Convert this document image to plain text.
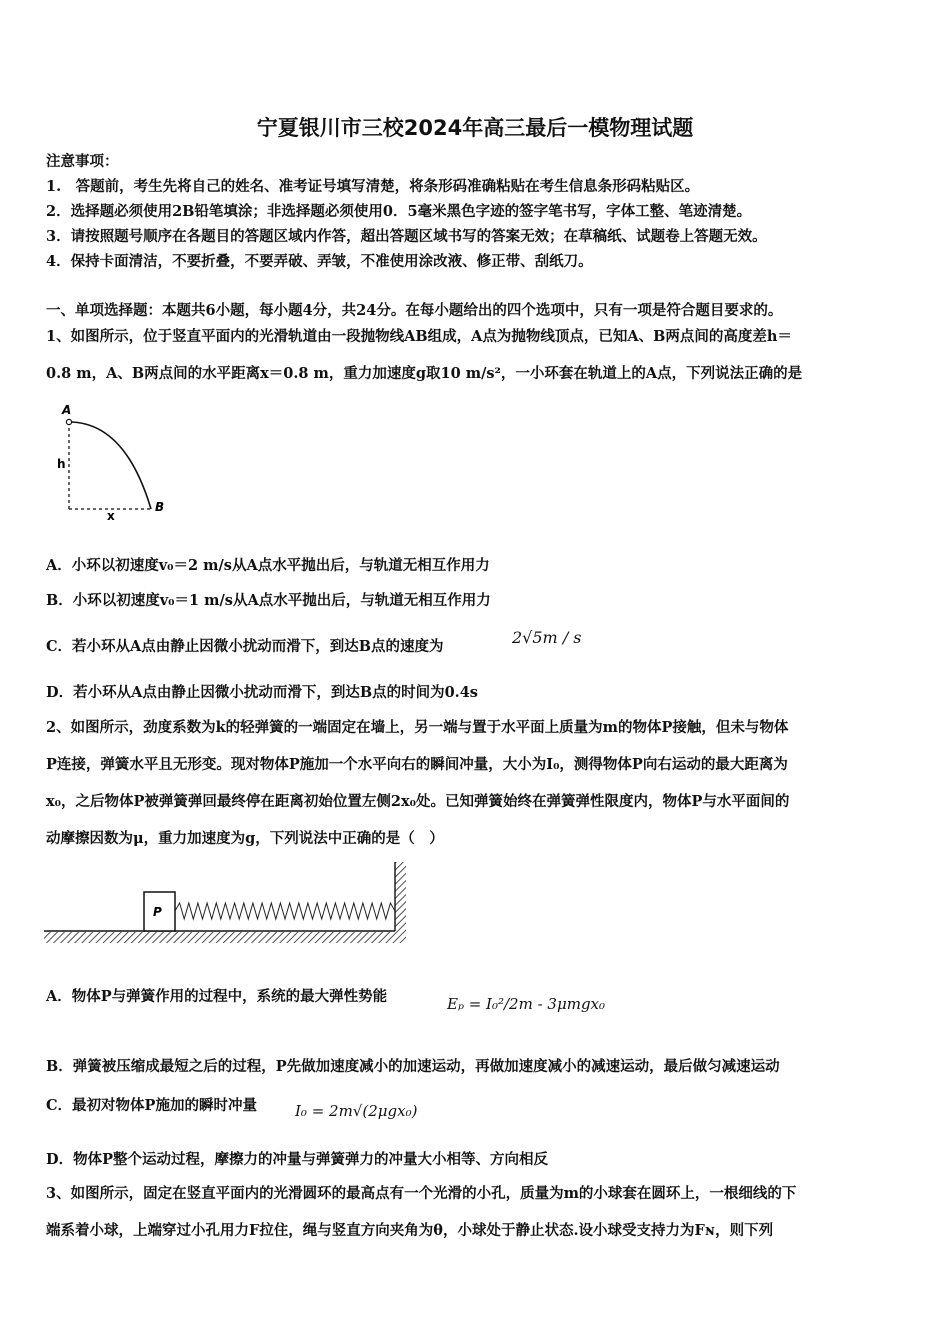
宁夏银川市三校2024年高三最后一模物理试题
注意事项：
1.　答题前，考生先将自己的姓名、准考证号填写清楚，将条形码准确粘贴在考生信息条形码粘贴区。
2．选择题必须使用2B铅笔填涂；非选择题必须使用0．5毫米黑色字迹的签字笔书写，字体工整、笔迹清楚。
3．请按照题号顺序在各题目的答题区域内作答，超出答题区域书写的答案无效；在草稿纸、试题卷上答题无效。
4．保持卡面清洁，不要折叠，不要弄破、弄皱，不准使用涂改液、修正带、刮纸刀。
一、单项选择题：本题共6小题，每小题4分，共24分。在每小题给出的四个选项中，只有一项是符合题目要求的。
1、如图所示，位于竖直平面内的光滑轨道由一段抛物线AB组成，A点为抛物线顶点，已知A、B两点间的高度差h＝
0.8 m，A、B两点间的水平距离x＝0.8 m，重力加速度g取10 m/s²，一小环套在轨道上的A点，下列说法正确的是
A
B
h
x
A．小环以初速度v₀＝2 m/s从A点水平抛出后，与轨道无相互作用力
B．小环以初速度v₀＝1 m/s从A点水平抛出后，与轨道无相互作用力
C．若小环从A点由静止因微小扰动而滑下，到达B点的速度为	2√5m / s
D．若小环从A点由静止因微小扰动而滑下，到达B点的时间为0.4s
2、如图所示，劲度系数为k的轻弹簧的一端固定在墙上，另一端与置于水平面上质量为m的物体P接触，但未与物体
P连接，弹簧水平且无形变。现对物体P施加一个水平向右的瞬间冲量，大小为I₀，测得物体P向右运动的最大距离为
x₀，之后物体P被弹簧弹回最终停在距离初始位置左侧2x₀处。已知弹簧始终在弹簧弹性限度内，物体P与水平面间的
动摩擦因数为μ，重力加速度为g，下列说法中正确的是（　）
P
A．物体P与弹簧作用的过程中，系统的最大弹性势能	Eₚ = I₀²/2m - 3μmgx₀
B．弹簧被压缩成最短之后的过程，P先做加速度减小的加速运动，再做加速度减小的减速运动，最后做匀减速运动
C．最初对物体P施加的瞬时冲量	I₀ = 2m√(2μgx₀)
D．物体P整个运动过程，摩擦力的冲量与弹簧弹力的冲量大小相等、方向相反
3、如图所示，固定在竖直平面内的光滑圆环的最高点有一个光滑的小孔，质量为m的小球套在圆环上，一根细线的下
端系着小球，上端穿过小孔用力F拉住，绳与竖直方向夹角为θ，小球处于静止状态.设小球受支持力为Fɴ，则下列
